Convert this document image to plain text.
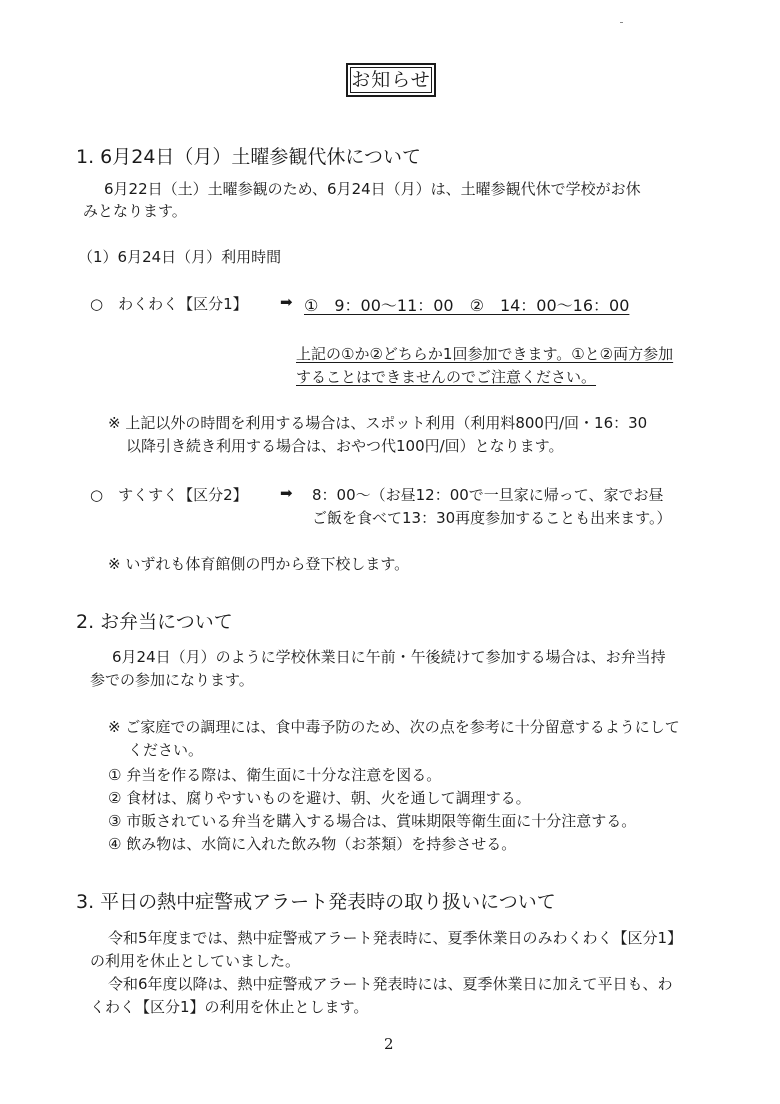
お知らせ
1. 6月24日（月）土曜参観代休について
6月22日（土）土曜参観のため、6月24日（月）は、土曜参観代休で学校がお休
みとなります。
（1）6月24日（月）利用時間
○　わくわく【区分1】 ➡ ①　9：00～11：00　②　14：00～16：00
上記の①か②どちらか1回参加できます。①と②両方参加
することはできませんのでご注意ください。
※ 上記以外の時間を利用する場合は、スポット利用（利用料800円/回・16：30
以降引き続き利用する場合は、おやつ代100円/回）となります。
○　すくすく【区分2】 ➡ 8：00～（お昼12：00で一旦家に帰って、家でお昼
ご飯を食べて13：30再度参加することも出来ます。）
※ いずれも体育館側の門から登下校します。
2. お弁当について
6月24日（月）のように学校休業日に午前・午後続けて参加する場合は、お弁当持
参での参加になります。
※ ご家庭での調理には、食中毒予防のため、次の点を参考に十分留意するようにして
ください。
① 弁当を作る際は、衛生面に十分な注意を図る。
② 食材は、腐りやすいものを避け、朝、火を通して調理する。
③ 市販されている弁当を購入する場合は、賞味期限等衛生面に十分注意する。
④ 飲み物は、水筒に入れた飲み物（お茶類）を持参させる。
3. 平日の熱中症警戒アラート発表時の取り扱いについて
令和5年度までは、熱中症警戒アラート発表時に、夏季休業日のみわくわく【区分1】
の利用を休止としていました。
令和6年度以降は、熱中症警戒アラート発表時には、夏季休業日に加えて平日も、わ
くわく【区分1】の利用を休止とします。
2
